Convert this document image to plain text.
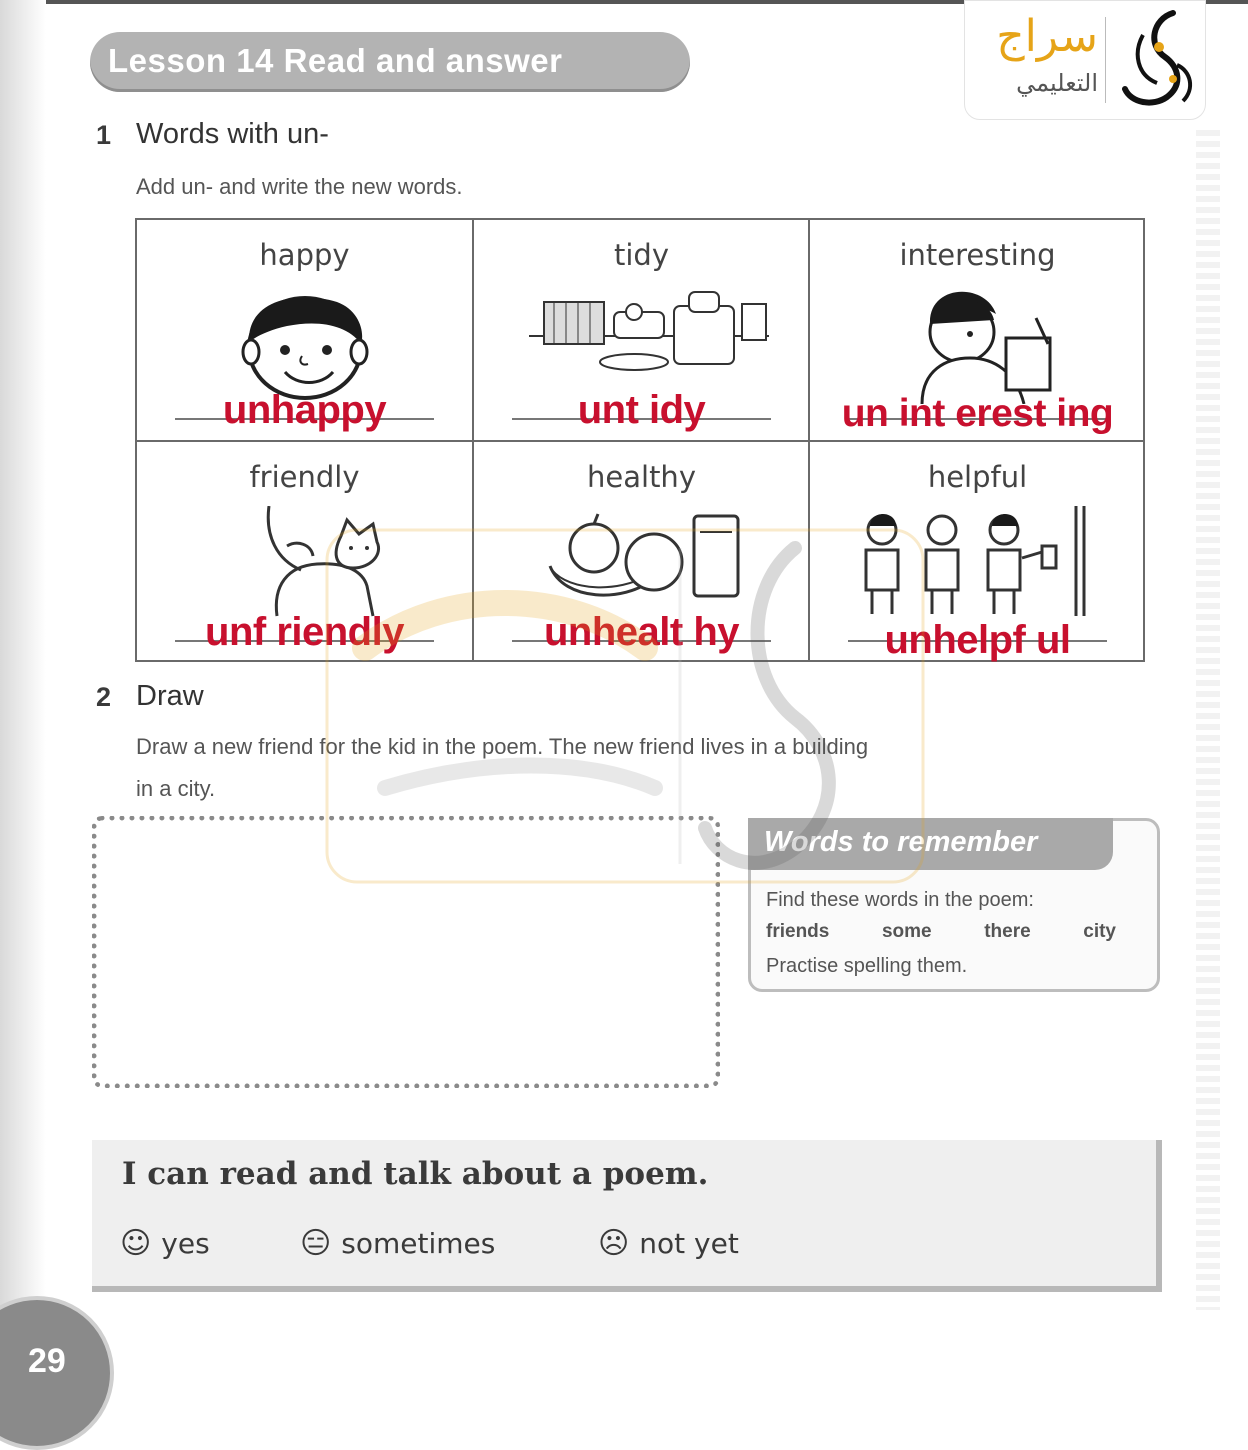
سراج
التعليمي
Lesson 14 Read and answer
1 Words with un-
Add un- and write the new words.
happy
unhappy
tidy
unt idy
interesting
un int erest ing
friendly
unf riendly
healthy
unhealt hy
helpful
unhelpf ul
2 Draw
Draw a new friend for the kid in the poem. The new friend lives in a building
in a city.
Words to remember
Find these words in the poem:
friends	some	there	city
Practise spelling them.
I can read and talk about a poem.
☺ yes	😑 sometimes	☹ not yet
29
